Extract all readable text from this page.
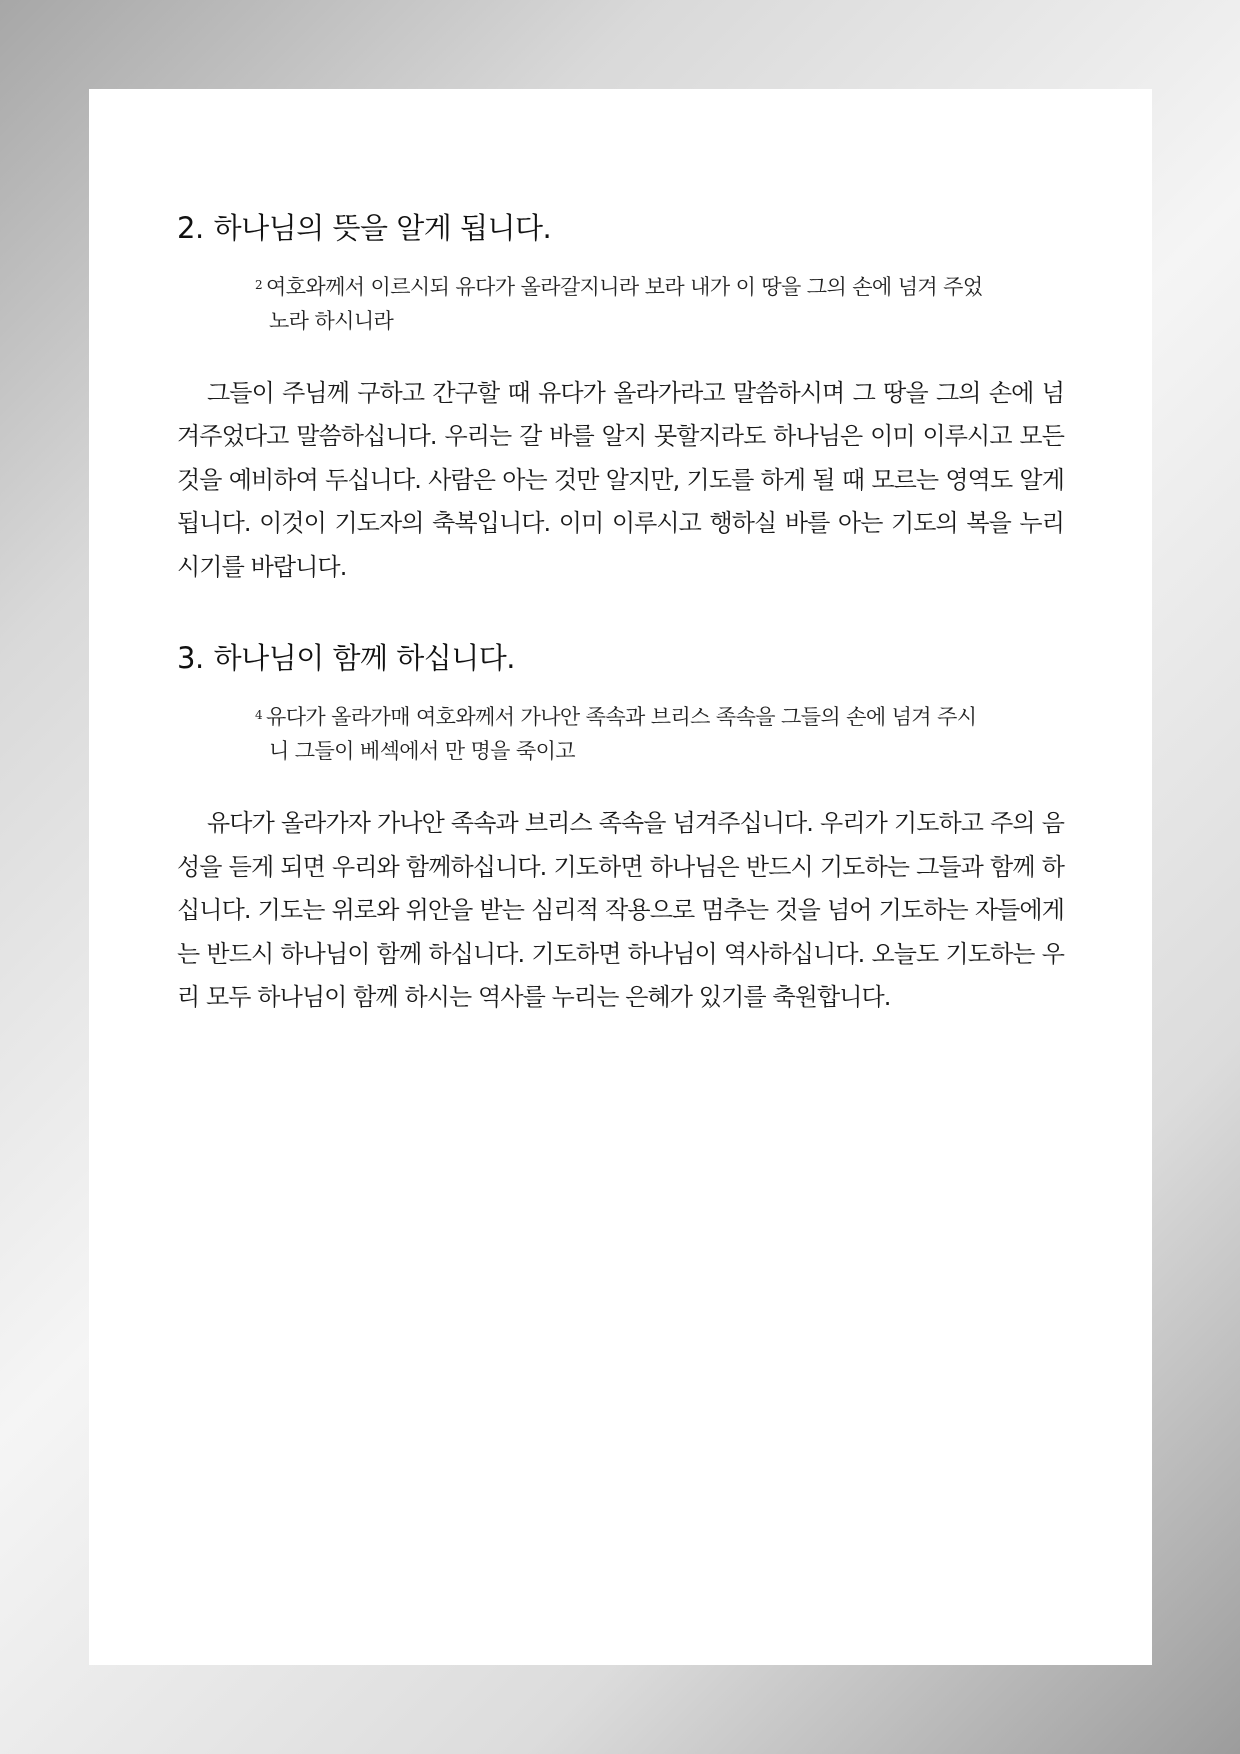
2. 하나님의 뜻을 알게 됩니다.
$^2$ 여호와께서 이르시되 유다가 올라갈지니라 보라 내가 이 땅을 그의 손에 넘겨 주었노라 하시니라

그들이 주님께 구하고 간구할 때 유다가 올라가라고 말씀하시며 그 땅을 그의 손에 넘겨주었다고 말씀하십니다. 우리는 갈 바를 알지 못할지라도 하나님은 이미 이루시고 모든 것을 예비하여 두십니다. 사람은 아는 것만 알지만, 기도를 하게 될 때 모르는 영역도 알게 됩니다. 이것이 기도자의 축복입니다. 이미 이루시고 행하실 바를 아는 기도의 복을 누리시기를 바랍니다.

3. 하나님이 함께 하십니다.
$^4$ 유다가 올라가매 여호와께서 가나안 족속과 브리스 족속을 그들의 손에 넘겨 주시니 그들이 베섹에서 만 명을 죽이고

유다가 올라가자 가나안 족속과 브리스 족속을 넘겨주십니다. 우리가 기도하고 주의 음성을 듣게 되면 우리와 함께하십니다. 기도하면 하나님은 반드시 기도하는 그들과 함께 하십니다. 기도는 위로와 위안을 받는 심리적 작용으로 멈추는 것을 넘어 기도하는 자들에게는 반드시 하나님이 함께 하십니다. 기도하면 하나님이 역사하십니다. 오늘도 기도하는 우리 모두 하나님이 함께 하시는 역사를 누리는 은혜가 있기를 축원합니다.
